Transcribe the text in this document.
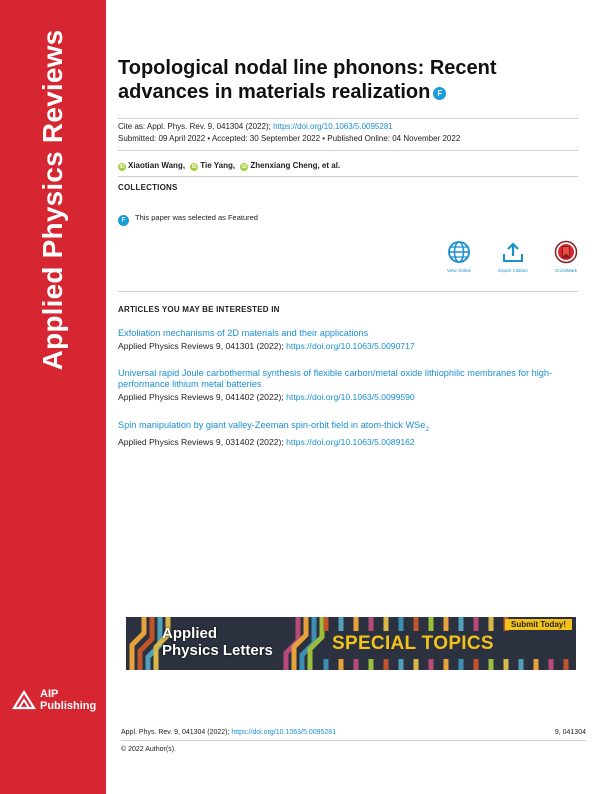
Applied Physics Reviews
AIP
Publishing
Topological nodal line phonons: Recent advances in materials realization F
Cite as: Appl. Phys. Rev. 9, 041304 (2022); https://doi.org/10.1063/5.0095281
Submitted: 09 April 2022 • Accepted: 30 September 2022 • Published Online: 04 November 2022
iD Xiaotian Wang, iD Tie Yang, iD Zhenxiang Cheng, et al.
COLLECTIONS
F This paper was selected as Featured
View Online	Export Citation	CrossMark
ARTICLES YOU MAY BE INTERESTED IN
Exfoliation mechanisms of 2D materials and their applications
Applied Physics Reviews 9, 041301 (2022); https://doi.org/10.1063/5.0090717
Universal rapid Joule carbothermal synthesis of flexible carbon/metal oxide lithiophilic membranes for high-performance lithium metal batteries
Applied Physics Reviews 9, 041402 (2022); https://doi.org/10.1063/5.0099590
Spin manipulation by giant valley-Zeeman spin-orbit field in atom-thick WSe$_2$
Applied Physics Reviews 9, 031402 (2022); https://doi.org/10.1063/5.0089162
Applied
Physics Letters	SPECIAL TOPICS
Submit Today!
Appl. Phys. Rev. 9, 041304 (2022); https://doi.org/10.1063/5.0095281	9, 041304
© 2022 Author(s).
